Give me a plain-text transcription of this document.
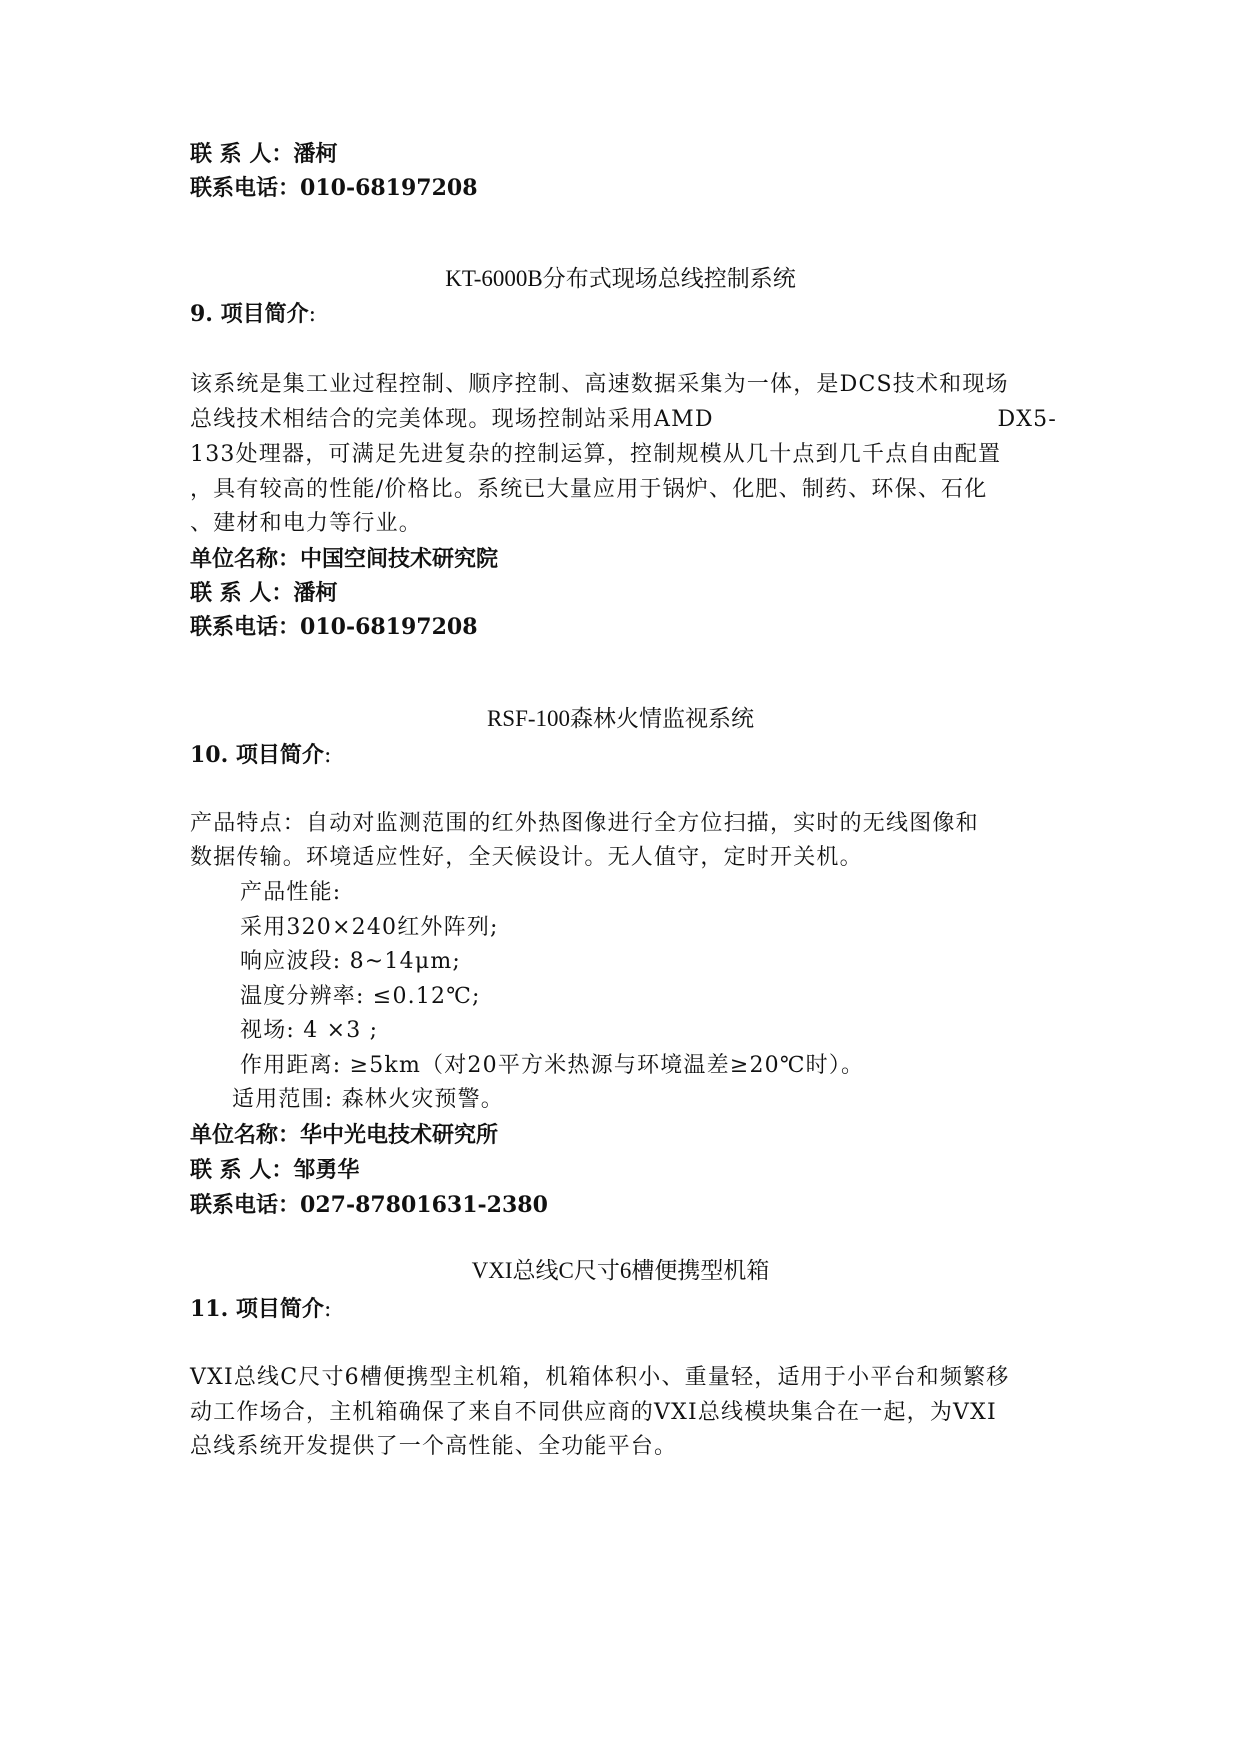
联 系 人：潘柯
联系电话：010-68197208
KT-6000B分布式现场总线控制系统
9. 项目简介:
该系统是集工业过程控制、顺序控制、高速数据采集为一体，是DCS技术和现场
总线技术相结合的完美体现。现场控制站采用AMD	DX5-
133处理器，可满足先进复杂的控制运算，控制规模从几十点到几千点自由配置
，具有较高的性能/价格比。系统已大量应用于锅炉、化肥、制药、环保、石化
、建材和电力等行业。
单位名称：中国空间技术研究院
联 系 人：潘柯
联系电话：010-68197208
RSF-100森林火情监视系统
10. 项目简介:
产品特点：自动对监测范围的红外热图像进行全方位扫描，实时的无线图像和
数据传输。环境适应性好，全天候设计。无人值守，定时开关机。
产品性能:
采用320×240红外阵列;
响应波段: 8~14μm;
温度分辨率: ≤0.12℃;
视场: 4 ×3 ;
作用距离: ≥5km（对20平方米热源与环境温差≥20℃时）。
适用范围: 森林火灾预警。
单位名称：华中光电技术研究所
联 系 人：邹勇华
联系电话：027-87801631-2380
VXI总线C尺寸6槽便携型机箱
11. 项目简介:
VXI总线C尺寸6槽便携型主机箱，机箱体积小、重量轻，适用于小平台和频繁移
动工作场合，主机箱确保了来自不同供应商的VXI总线模块集合在一起，为VXI
总线系统开发提供了一个高性能、全功能平台。
